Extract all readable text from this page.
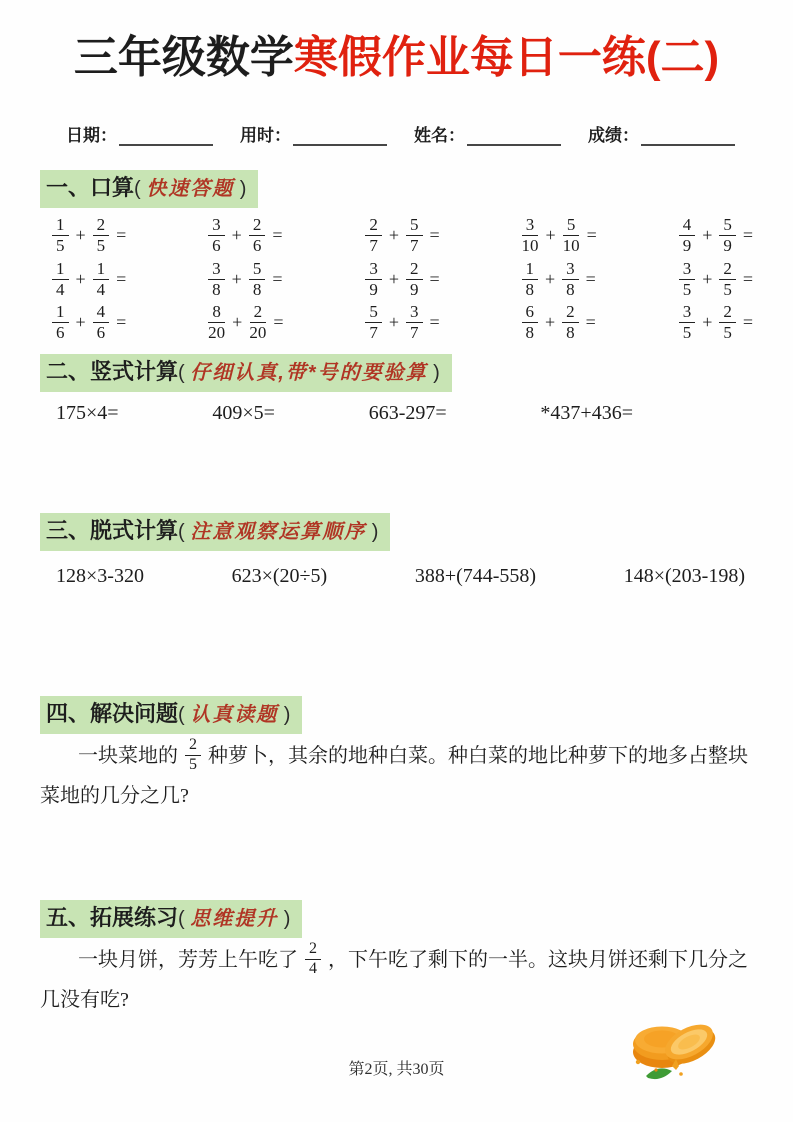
三年级数学寒假作业每日一练(二)
日期：	用时：	姓名：	成绩：
一、口算( 快速答题 )
$\frac{1}{5} + \frac{2}{5}$ =	$\frac{3}{6} + \frac{2}{6}$ =	$\frac{2}{7} + \frac{5}{7}$ =	$\frac{3}{10} + \frac{5}{10}$ =	$\frac{4}{9} + \frac{5}{9}$ =
$\frac{1}{4} + \frac{1}{4}$ =	$\frac{3}{8} + \frac{5}{8}$ =	$\frac{3}{9} + \frac{2}{9}$ =	$\frac{1}{8} + \frac{3}{8}$ =	$\frac{3}{5} + \frac{2}{5}$ =
$\frac{1}{6} + \frac{4}{6}$ =	$\frac{8}{20} + \frac{2}{20}$ =	$\frac{5}{7} + \frac{3}{7}$ =	$\frac{6}{8} + \frac{2}{8}$ =	$\frac{3}{5} + \frac{2}{5}$ =
二、竖式计算( 仔细认真,带*号的要验算 )
175×4=	409×5=	663-297=	*437+436=
三、脱式计算( 注意观察运算顺序 )
128×3-320	623×(20÷5)	388+(744-558)	148×(203-198)
四、解决问题( 认真读题 )

一块菜地的 $\frac{2}{5}$ 种萝卜，其余的地种白菜。种白菜的地比种萝下的地多占整块菜地的几分之几?

五、拓展练习( 思维提升 )

一块月饼，芳芳上午吃了 $\frac{2}{4}$ ，下午吃了剩下的一半。这块月饼还剩下几分之几没有吃?

第2页, 共30页
